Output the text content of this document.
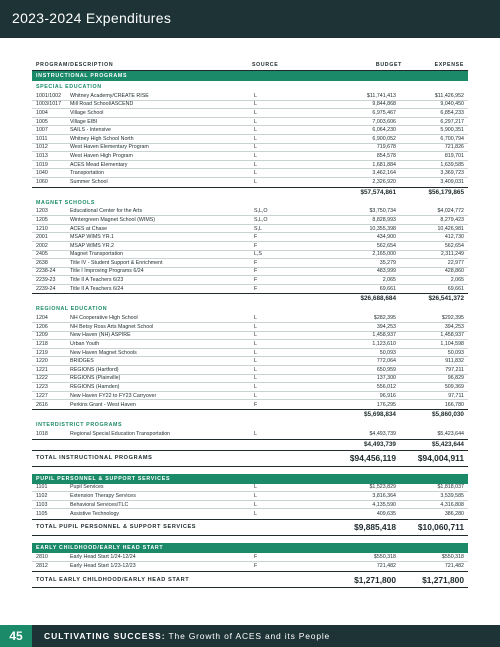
2023-2024 Expenditures
PROGRAM/DESCRIPTION	SOURCE	BUDGET	EXPENSE
INSTRUCTIONAL PROGRAMS
SPECIAL EDUCATION
1001/1002	Whitney Academy/CREATE RISE	L	$11,741,413	$11,426,952
1003/1017	Mill Road School/ASCEND	L	9,844,868	9,040,450
1004	Village School	L	6,975,467	6,854,233
1005	Village EIBI	L	7,003,606	6,297,217
1007	SAILS - Intensive	L	6,064,230	5,900,351
1011	Whitney High School North	L	6,900,052	6,700,794
1012	West Haven Elementary Program	L	719,678	721,826
1013	West Haven High Program	L	854,578	819,701
1019	ACES Mead Elementary	L	1,681,884	1,639,585
1040	Transportation	L	3,462,164	3,369,723
1060	Summer School	L	2,326,920	3,409,031
$57,574,861	$56,179,865
MAGNET SCHOOLS
1203	Educational Center for the Arts	S,L,O	$3,750,734	$4,024,772
1205	Wintergreen Magnet School (WIMS)	S,L,O	8,828,993	8,279,423
1210	ACES at Chase	S,L	10,355,398	10,426,981
2001	MSAP WIMS YR.1	F	434,900	412,730
2002	MSAP WIMS YR.2	F	562,654	562,654
2405	Magnet Transportation	L,S	2,165,000	2,311,249
2638	Title IV - Student Support & Enrichment	F	35,279	22,977
2238-24	Title I Improving Programs 6/24	F	483,999	428,860
2239-23	Title II A Teachers 6/23	F	2,065	2,065
2239-24	Title II A Teachers 6/24	F	69,661	69,661
$26,688,684	$26,541,372
REGIONAL EDUCATION
1204	NH Cooperative High School	L	$282,395	$292,395
1206	NH Betsy Ross Arts Magnet School	L	394,253	394,253
1209	New Haven (NH) ASPIRE	L	1,458,937	1,458,937
1218	Urban Youth	L	1,123,610	1,104,598
1219	New Haven Magnet Schools	L	50,093	50,093
1220	BRIDGES	L	772,064	911,832
1221	REGIONS (Hartford)	L	650,959	797,211
1222	REGIONS (Plainville)	L	137,300	96,829
1223	REGIONS (Hamden)	L	556,012	509,369
1227	New Haven FY22 to FY23 Carryover	L	96,916	97,711
2616	Perkins Grant - West Haven	F	176,295	166,780
$5,698,834	$5,860,030
INTERDISTRICT PROGRAMS
1018	Regional Special Education Transportation	L	$4,493,739	$5,423,644
$4,493,739	$5,423,644
TOTAL INSTRUCTIONAL PROGRAMS	$94,456,119	$94,004,911
PUPIL PERSONNEL & SUPPORT SERVICES
1101	Pupil Services	L	$1,523,829	$1,818,037
1102	Extension Therapy Services	L	3,816,364	3,539,585
1103	Behavioral Services/TLC	L	4,135,590	4,316,808
1105	Assistive Technology	L	409,635	386,280
TOTAL PUPIL PERSONNEL & SUPPORT SERVICES	$9,885,418	$10,060,711
EARLY CHILDHOOD/EARLY HEAD START
2810	Early Head Start 1/24-12/24	F	$550,318	$550,318
2812	Early Head Start 1/23-12/23	F	721,482	721,482
TOTAL EARLY CHILDHOOD/EARLY HEAD START	$1,271,800	$1,271,800
45	CULTIVATING SUCCESS: The Growth of ACES and its People
